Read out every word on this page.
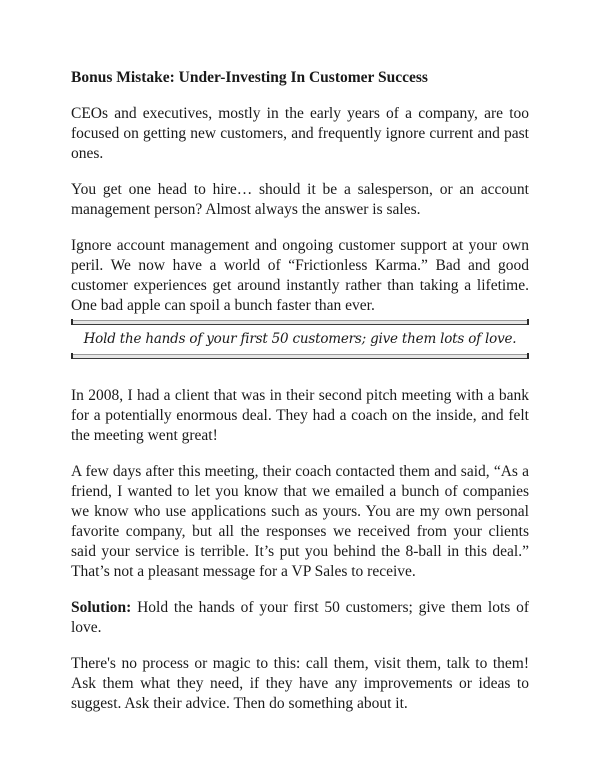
Bonus Mistake: Under-Investing In Customer Success

CEOs and executives, mostly in the early years of a company, are too focused on getting new customers, and frequently ignore current and past ones.

You get one head to hire… should it be a salesperson, or an account management person? Almost always the answer is sales.

Ignore account management and ongoing customer support at your own peril. We now have a world of “Frictionless Karma.” Bad and good customer experiences get around instantly rather than taking a lifetime. One bad apple can spoil a bunch faster than ever.

Hold the hands of your first 50 customers; give them lots of love.

In 2008, I had a client that was in their second pitch meeting with a bank for a potentially enormous deal. They had a coach on the inside, and felt the meeting went great!

A few days after this meeting, their coach contacted them and said, “As a friend, I wanted to let you know that we emailed a bunch of companies we know who use applications such as yours. You are my own personal favorite company, but all the responses we received from your clients said your service is terrible. It’s put you behind the 8-ball in this deal.” That’s not a pleasant message for a VP Sales to receive.

Solution: Hold the hands of your first 50 customers; give them lots of love.

There's no process or magic to this: call them, visit them, talk to them! Ask them what they need, if they have any improvements or ideas to suggest. Ask their advice. Then do something about it.
